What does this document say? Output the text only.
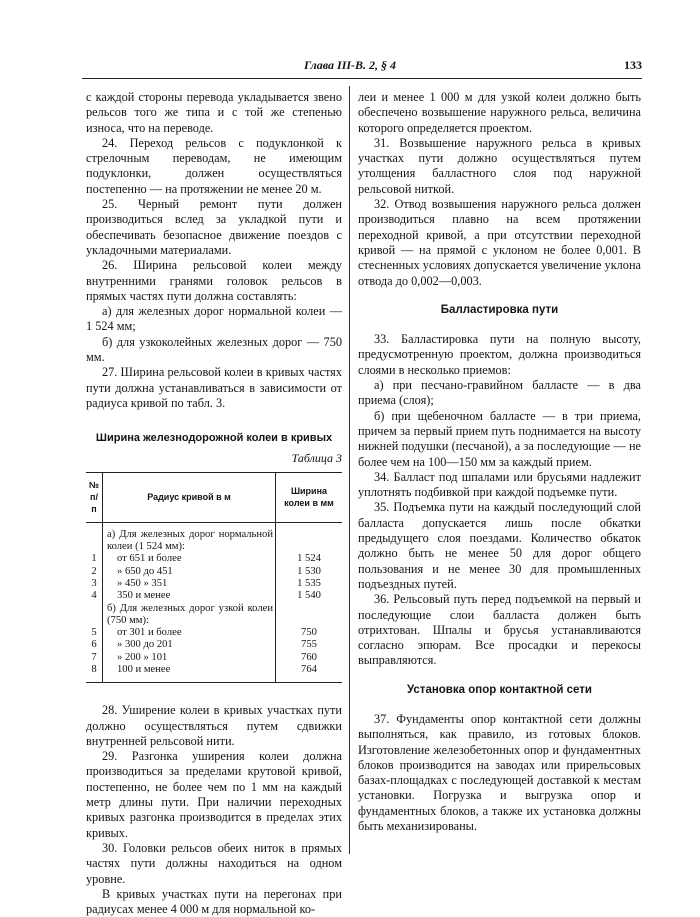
Глава III-В. 2, § 4	133

с каждой стороны перевода укладывается звено рельсов того же типа и с той же степенью износа, что на переводе.

24. Переход рельсов с подуклонкой к стрелочным переводам, не имеющим подуклонки, должен осуществляться постепенно — на протяжении не менее 20 м.

25. Черный ремонт пути должен производиться вслед за укладкой пути и обеспечивать безопасное движение поездов с укладочными материалами.

26. Ширина рельсовой колеи между внутренними гранями головок рельсов в прямых частях пути должна составлять:

а) для железных дорог нормальной колеи — 1 524 мм;

б) для узкоколейных железных дорог — 750 мм.

27. Ширина рельсовой колеи в кривых частях пути должна устанавливаться в зависимости от радиуса кривой по табл. 3.

Ширина железнодорожной колеи в кривых

Таблица 3

№ п/п	Радиус кривой в м	Ширина колеи в мм
	а) Для железных дорог нормальной колеи (1 524 мм):	
1	от 651 и более	1 524
2	» 650 до 451	1 530
3	» 450 » 351	1 535
4	350 и менее	1 540
	б) Для железных дорог узкой колеи (750 мм):	
5	от 301 и более	750
6	» 300 до 201	755
7	» 200 » 101	760
8	100 и менее	764

28. Уширение колеи в кривых участках пути должно осуществляться путем сдвижки внутренней рельсовой нити.

29. Разгонка уширения колеи должна производиться за пределами крутовой кривой, постепенно, не более чем по 1 мм на каждый метр длины пути. При наличии переходных кривых разгонка производится в пределах этих кривых.

30. Головки рельсов обеих ниток в прямых частях пути должны находиться на одном уровне.

В кривых участках пути на перегонах при радиусах менее 4 000 м для нормальной ко-

леи и менее 1 000 м для узкой колеи должно быть обеспечено возвышение наружного рельса, величина которого определяется проектом.

31. Возвышение наружного рельса в кривых участках пути должно осуществляться путем утолщения балластного слоя под наружной рельсовой ниткой.

32. Отвод возвышения наружного рельса должен производиться плавно на всем протяжении переходной кривой, а при отсутствии переходной кривой — на прямой с уклоном не более 0,001. В стесненных условиях допускается увеличение уклона отвода до 0,002—0,003.

Балластировка пути

33. Балластировка пути на полную высоту, предусмотренную проектом, должна производиться слоями в несколько приемов:

а) при песчано-гравийном балласте — в два приема (слоя);

б) при щебеночном балласте — в три приема, причем за первый прием путь поднимается на высоту нижней подушки (песчаной), а за последующие — не более чем на 100—150 мм за каждый прием.

34. Балласт под шпалами или брусьями надлежит уплотнять подбивкой при каждой подъемке пути.

35. Подъемка пути на каждый последующий слой балласта допускается лишь после обкатки предыдущего слоя поездами. Количество обкаток должно быть не менее 50 для дорог общего пользования и не менее 30 для промышленных подъездных путей.

36. Рельсовый путь перед подъемкой на первый и последующие слои балласта должен быть отрихтован. Шпалы и брусья устанавливаются согласно эпюрам. Все просадки и перекосы выправляются.

Установка опор контактной сети

37. Фундаменты опор контактной сети должны выполняться, как правило, из готовых блоков. Изготовление железобетонных опор и фундаментных блоков производится на заводах или прирельсовых базах-площадках с последующей доставкой к местам установки. Погрузка и выгрузка опор и фундаментных блоков, а также их установка должны быть механизированы.
